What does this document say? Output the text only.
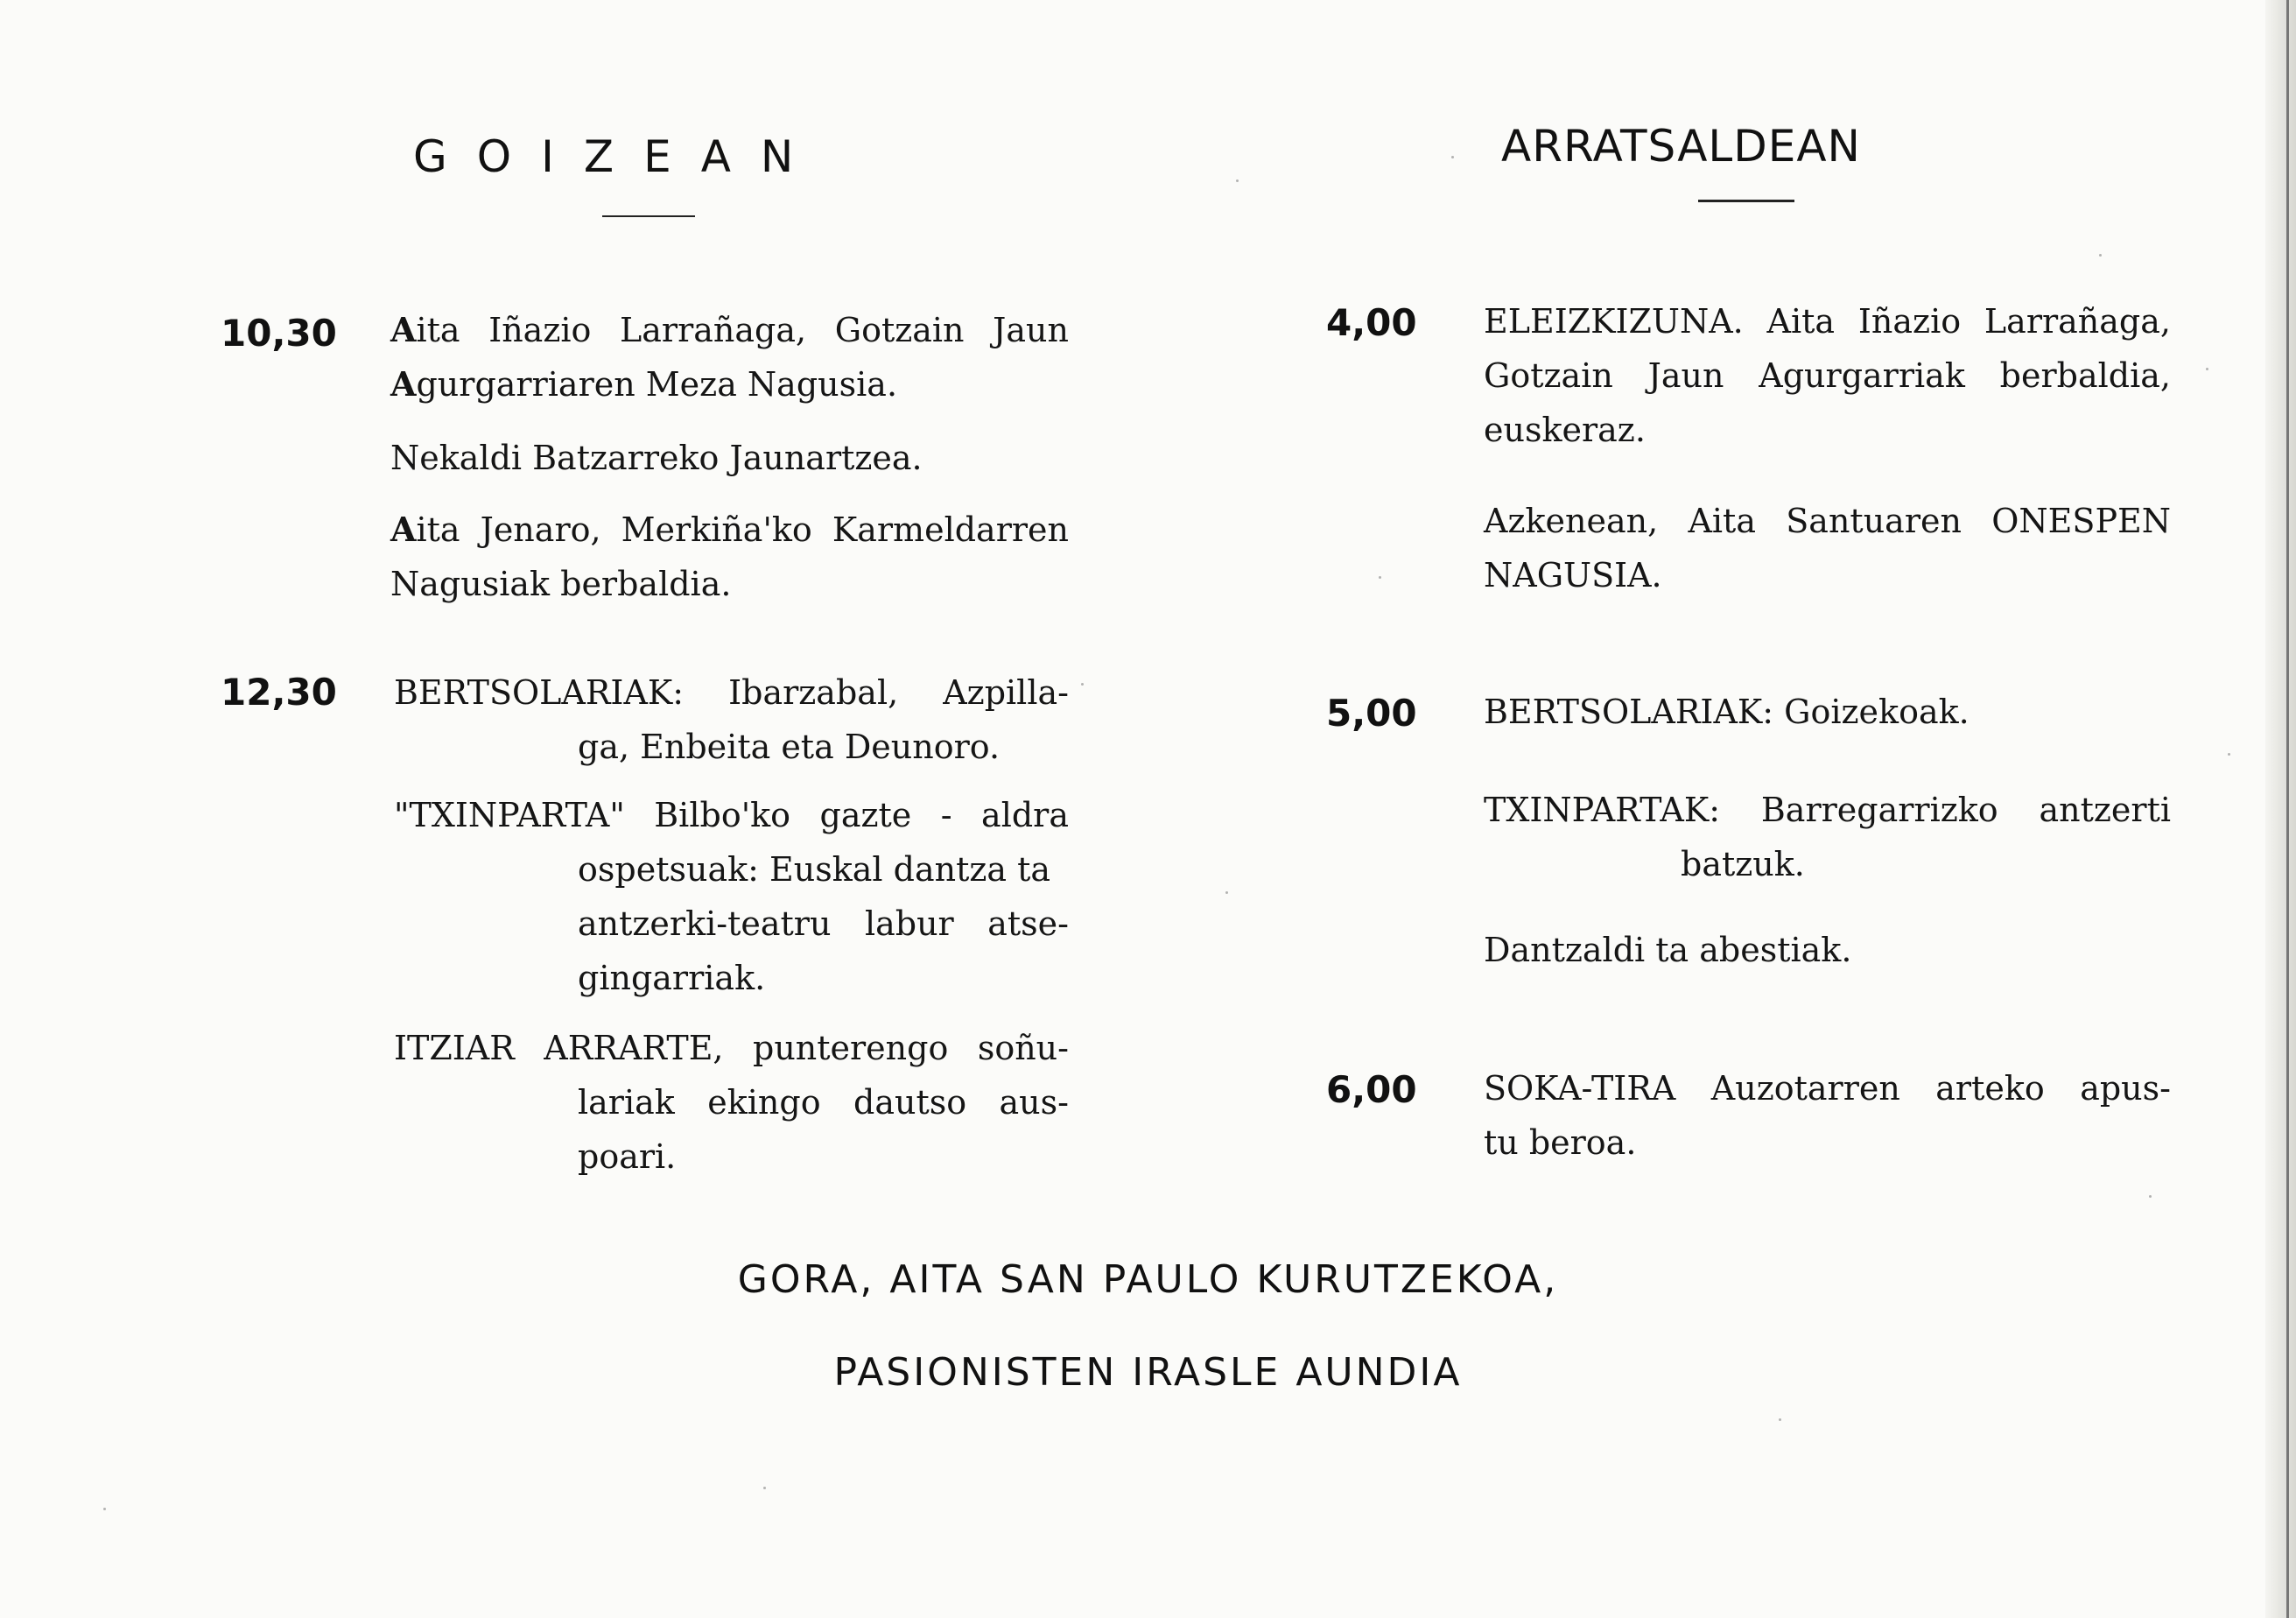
GOIZEAN
10,30 Aita Iñazio Larrañaga, Gotzain Jaun
Agurgarriaren Meza Nagusia.
Nekaldi Batzarreko Jaunartzea.
Aita Jenaro, Merkiña'ko Karmeldarren
Nagusiak berbaldia.
12,30 BERTSOLARIAK: Ibarzabal, Azpilla-
ga, Enbeita eta Deunoro.
"TXINPARTA" Bilbo'ko gazte - aldra
ospetsuak: Euskal dantza ta
antzerki-teatru labur atse-
gingarriak.
ITZIAR ARRARTE, punterengo soñu-
lariak ekingo dautso aus-
poari.
ARRATSALDEAN
4,00 ELEIZKIZUNA. Aita Iñazio Larrañaga,
Gotzain Jaun Agurgarriak berbaldia,
euskeraz.
Azkenean, Aita Santuaren ONESPEN
NAGUSIA.
5,00 BERTSOLARIAK: Goizekoak.
TXINPARTAK: Barregarrizko antzerti
batzuk.
Dantzaldi ta abestiak.
6,00 SOKA-TIRA Auzotarren arteko apus-
tu beroa.
GORA, AITA SAN PAULO KURUTZEKOA,
PASIONISTEN IRASLE AUNDIA
